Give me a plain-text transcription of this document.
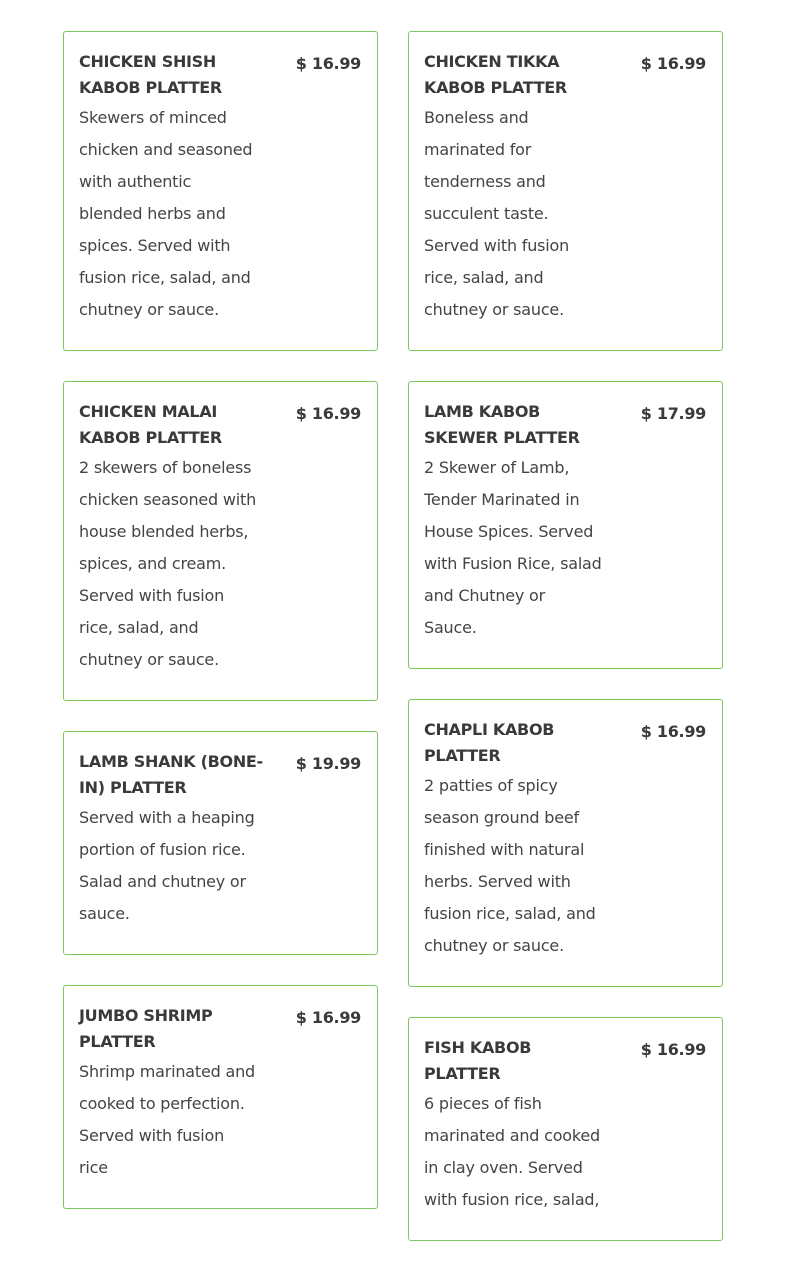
CHICKEN SHISH KABOB PLATTER
$ 16.99

Skewers of minced chicken and seasoned with authentic blended herbs and spices. Served with fusion rice, salad, and chutney or sauce.

CHICKEN MALAI KABOB PLATTER
$ 16.99

2 skewers of boneless chicken seasoned with house blended herbs, spices, and cream. Served with fusion rice, salad, and chutney or sauce.

LAMB SHANK (BONE-IN) PLATTER
$ 19.99

Served with a heaping portion of fusion rice. Salad and chutney or sauce.

JUMBO SHRIMP PLATTER
$ 16.99

Shrimp marinated and cooked to perfection. Served with fusion rice

CHICKEN TIKKA KABOB PLATTER
$ 16.99

Boneless and marinated for tenderness and succulent taste. Served with fusion rice, salad, and chutney or sauce.

LAMB KABOB SKEWER PLATTER
$ 17.99

2 Skewer of Lamb, Tender Marinated in House Spices. Served with Fusion Rice, salad and Chutney or Sauce.

CHAPLI KABOB PLATTER
$ 16.99

2 patties of spicy season ground beef finished with natural herbs. Served with fusion rice, salad, and chutney or sauce.

FISH KABOB PLATTER
$ 16.99

6 pieces of fish marinated and cooked in clay oven. Served with fusion rice, salad,
